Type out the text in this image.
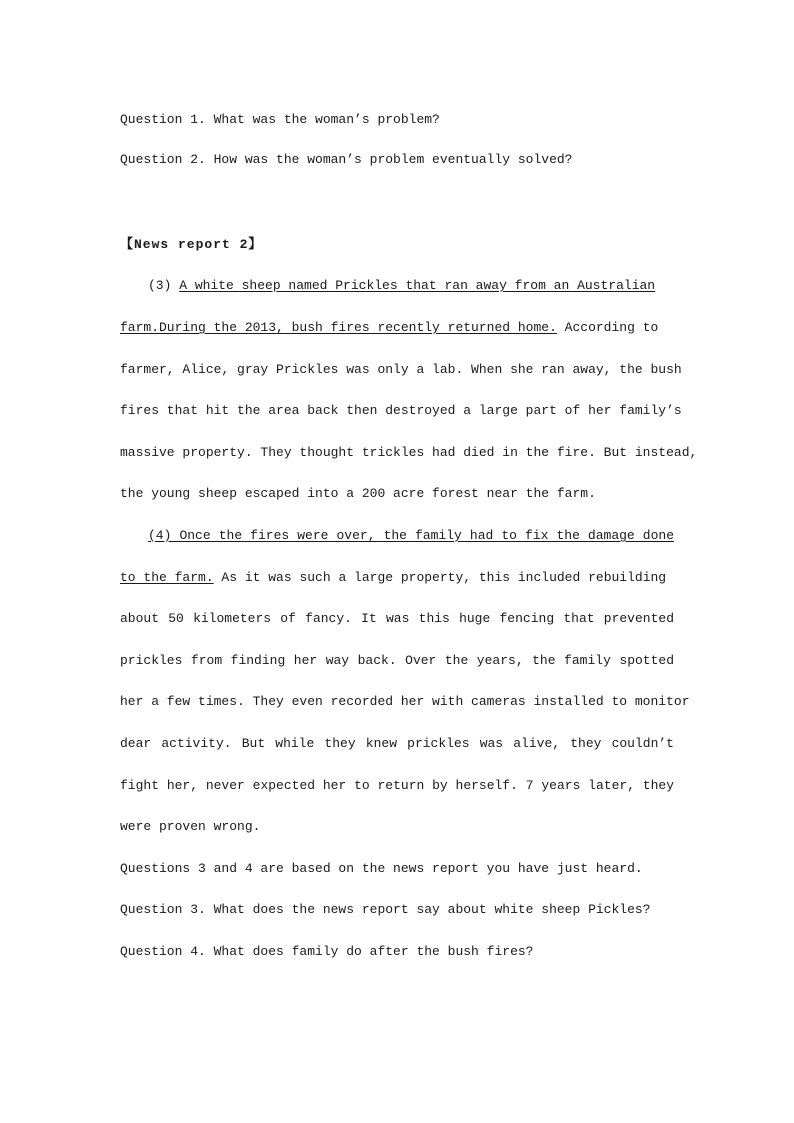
Question 1. What was the woman’s problem?
Question 2. How was the woman’s problem eventually solved?
【News report 2】
(3) A white sheep named Prickles that ran away from an Australian
farm.During the 2013, bush fires recently returned home. According to
farmer, Alice, gray Prickles was only a lab. When she ran away, the bush
fires that hit the area back then destroyed a large part of her family’s
massive property. They thought trickles had died in the fire. But instead,
the young sheep escaped into a 200 acre forest near the farm.
(4) Once the fires were over, the family had to fix the damage done
to the farm. As it was such a large property, this included rebuilding
about 50 kilometers of fancy. It was this huge fencing that prevented
prickles from finding her way back. Over the years, the family spotted
her a few times. They even recorded her with cameras installed to monitor
dear activity. But while they knew prickles was alive, they couldn’t
fight her, never expected her to return by herself. 7 years later, they
were proven wrong.
Questions 3 and 4 are based on the news report you have just heard.
Question 3. What does the news report say about white sheep Pickles?
Question 4. What does family do after the bush fires?
